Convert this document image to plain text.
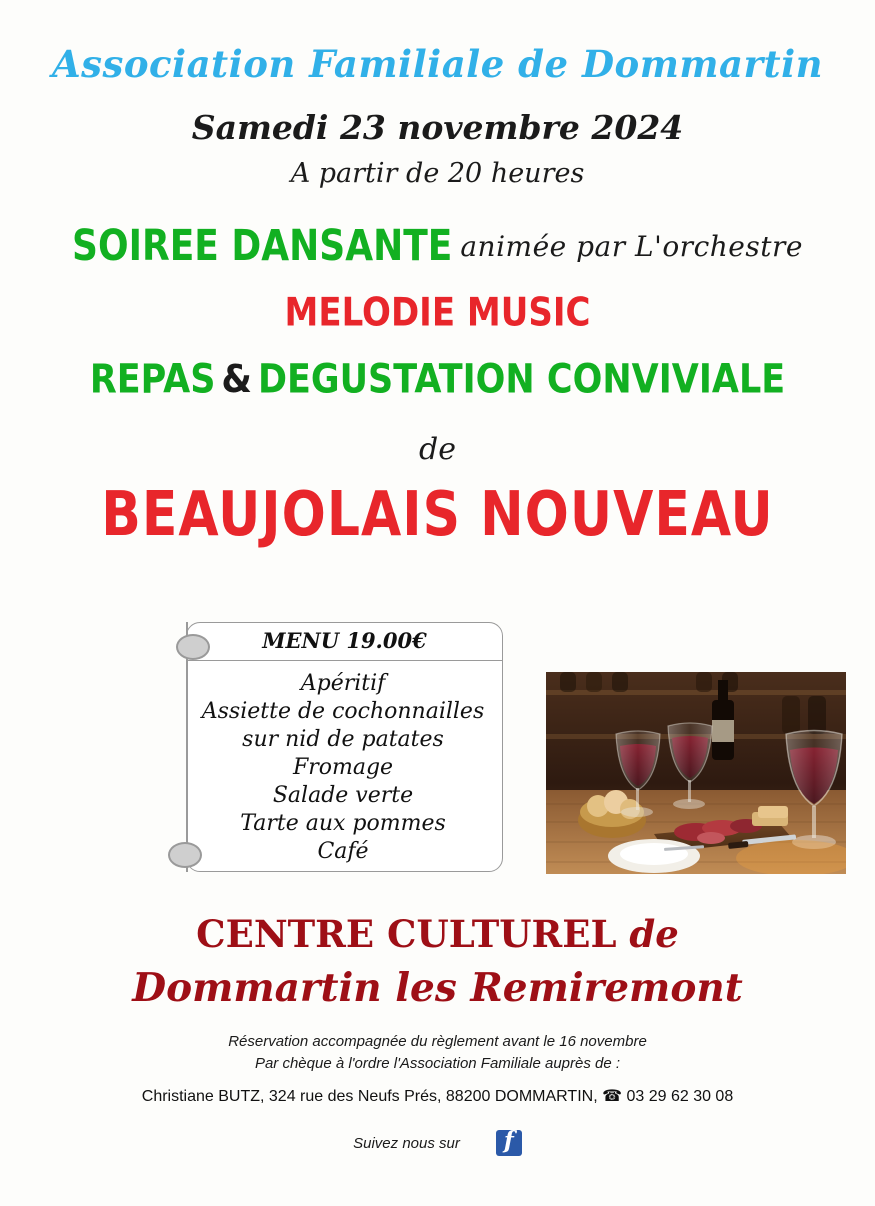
Association Familiale de Dommartin
Samedi 23 novembre 2024
A partir de 20 heures
SOIREE DANSANTE animée par L'orchestre
MELODIE MUSIC
REPAS & DEGUSTATION CONVIVIALE
de
BEAUJOLAIS NOUVEAU
MENU 19.00€
Apéritif
Assiette de cochonnailles
sur nid de patates
Fromage
Salade verte
Tarte aux pommes
Café
CENTRE CULTUREL de
Dommartin les Remiremont
Réservation accompagnée du règlement avant le 16 novembre
Par chèque à l'ordre l'Association Familiale auprès de :
Christiane BUTZ, 324 rue des Neufs Prés, 88200 DOMMARTIN, ☎ 03 29 62 30 08
Suivez nous sur
f
